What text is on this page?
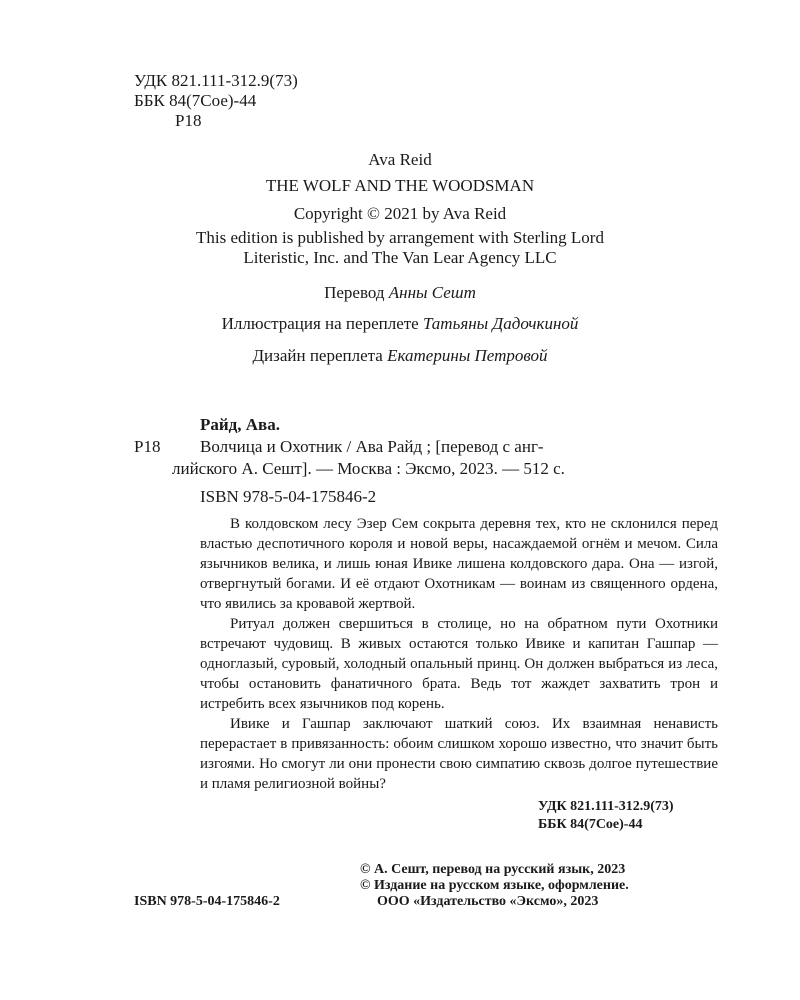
УДК 821.111-312.9(73)
ББК 84(7Сое)-44
Р18
Ava Reid
THE WOLF AND THE WOODSMAN
Copyright © 2021 by Ava Reid
This edition is published by arrangement with Sterling Lord
Literistic, Inc. and The Van Lear Agency LLC
Перевод Анны Сешт
Иллюстрация на переплете Татьяны Дадочкиной
Дизайн переплета Екатерины Петровой
Райд, Ава.
Р18 Волчица и Охотник / Ава Райд ; [перевод с анг-
лийского А. Сешт]. — Москва : Эксмо, 2023. — 512 с.
ISBN 978-5-04-175846-2

В колдовском лесу Эзер Сем сокрыта деревня тех, кто не склонился перед властью деспотичного короля и новой веры, насаждаемой огнём и мечом. Сила язычников велика, и лишь юная Ивике лишена колдовского дара. Она — изгой, отвергнутый богами. И её отдают Охотникам — воинам из священного ордена, что явились за кровавой жертвой.

Ритуал должен свершиться в столице, но на обратном пути Охотники встречают чудовищ. В живых остаются только Ивике и капитан Гашпар — одноглазый, суровый, холодный опальный принц. Он должен выбраться из леса, чтобы остановить фанатичного брата. Ведь тот жаждет захватить трон и истребить всех язычников под корень.

Ивике и Гашпар заключают шаткий союз. Их взаимная ненависть перерастает в привязанность: обоим слишком хорошо известно, что значит быть изгоями. Но смогут ли они пронести свою симпатию сквозь долгое путешествие и пламя религиозной войны?

УДК 821.111-312.9(73)
ББК 84(7Сое)-44
ISBN 978-5-04-175846-2
© А. Сешт, перевод на русский язык, 2023
© Издание на русском языке, оформление.
ООО «Издательство «Эксмо», 2023
